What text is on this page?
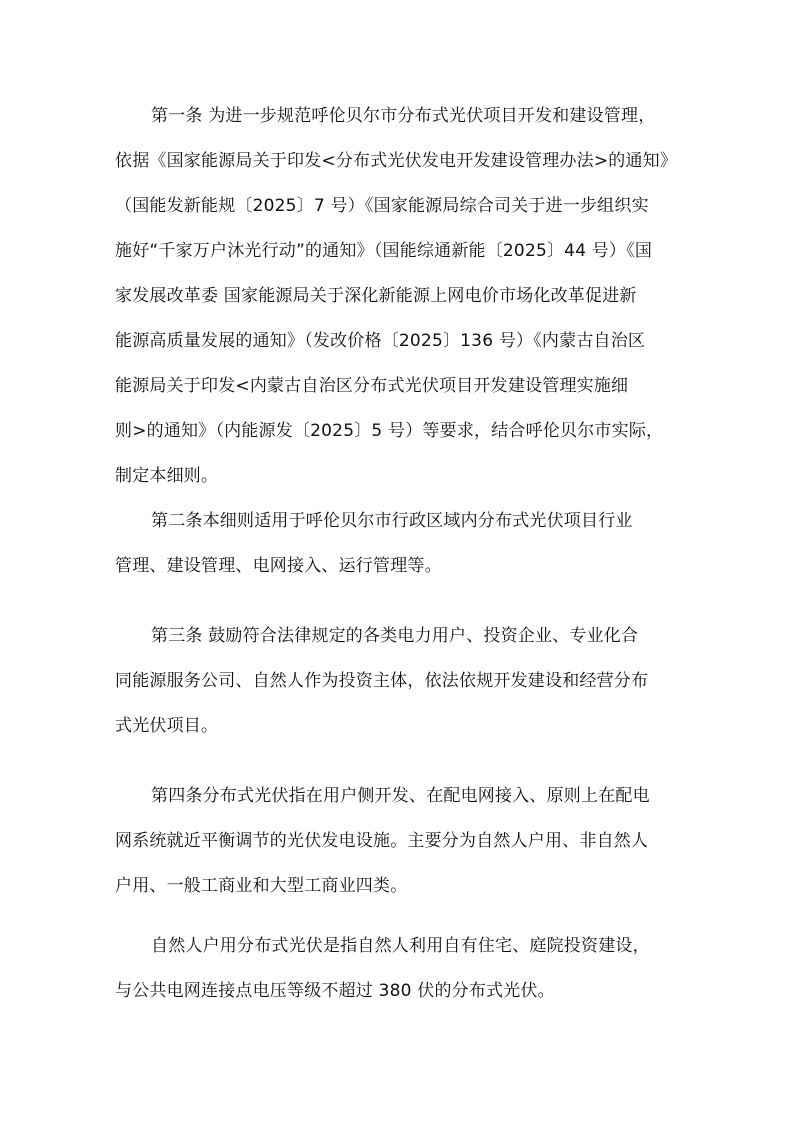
第一条 为进一步规范呼伦贝尔市分布式光伏项目开发和建设管理，
依据《国家能源局关于印发<分布式光伏发电开发建设管理办法>的通知》
（国能发新能规〔2025〕7 号）《国家能源局综合司关于进一步组织实
施好“千家万户沐光行动”的通知》（国能综通新能〔2025〕44 号）《国
家发展改革委 国家能源局关于深化新能源上网电价市场化改革促进新
能源高质量发展的通知》（发改价格〔2025〕136 号）《内蒙古自治区
能源局关于印发<内蒙古自治区分布式光伏项目开发建设管理实施细
则>的通知》（内能源发〔2025〕5 号）等要求，结合呼伦贝尔市实际，
制定本细则。
第二条本细则适用于呼伦贝尔市行政区域内分布式光伏项目行业
管理、建设管理、电网接入、运行管理等。
第三条 鼓励符合法律规定的各类电力用户、投资企业、专业化合
同能源服务公司、自然人作为投资主体，依法依规开发建设和经营分布
式光伏项目。
第四条分布式光伏指在用户侧开发、在配电网接入、原则上在配电
网系统就近平衡调节的光伏发电设施。主要分为自然人户用、非自然人
户用、一般工商业和大型工商业四类。
自然人户用分布式光伏是指自然人利用自有住宅、庭院投资建设，
与公共电网连接点电压等级不超过 380 伏的分布式光伏。
